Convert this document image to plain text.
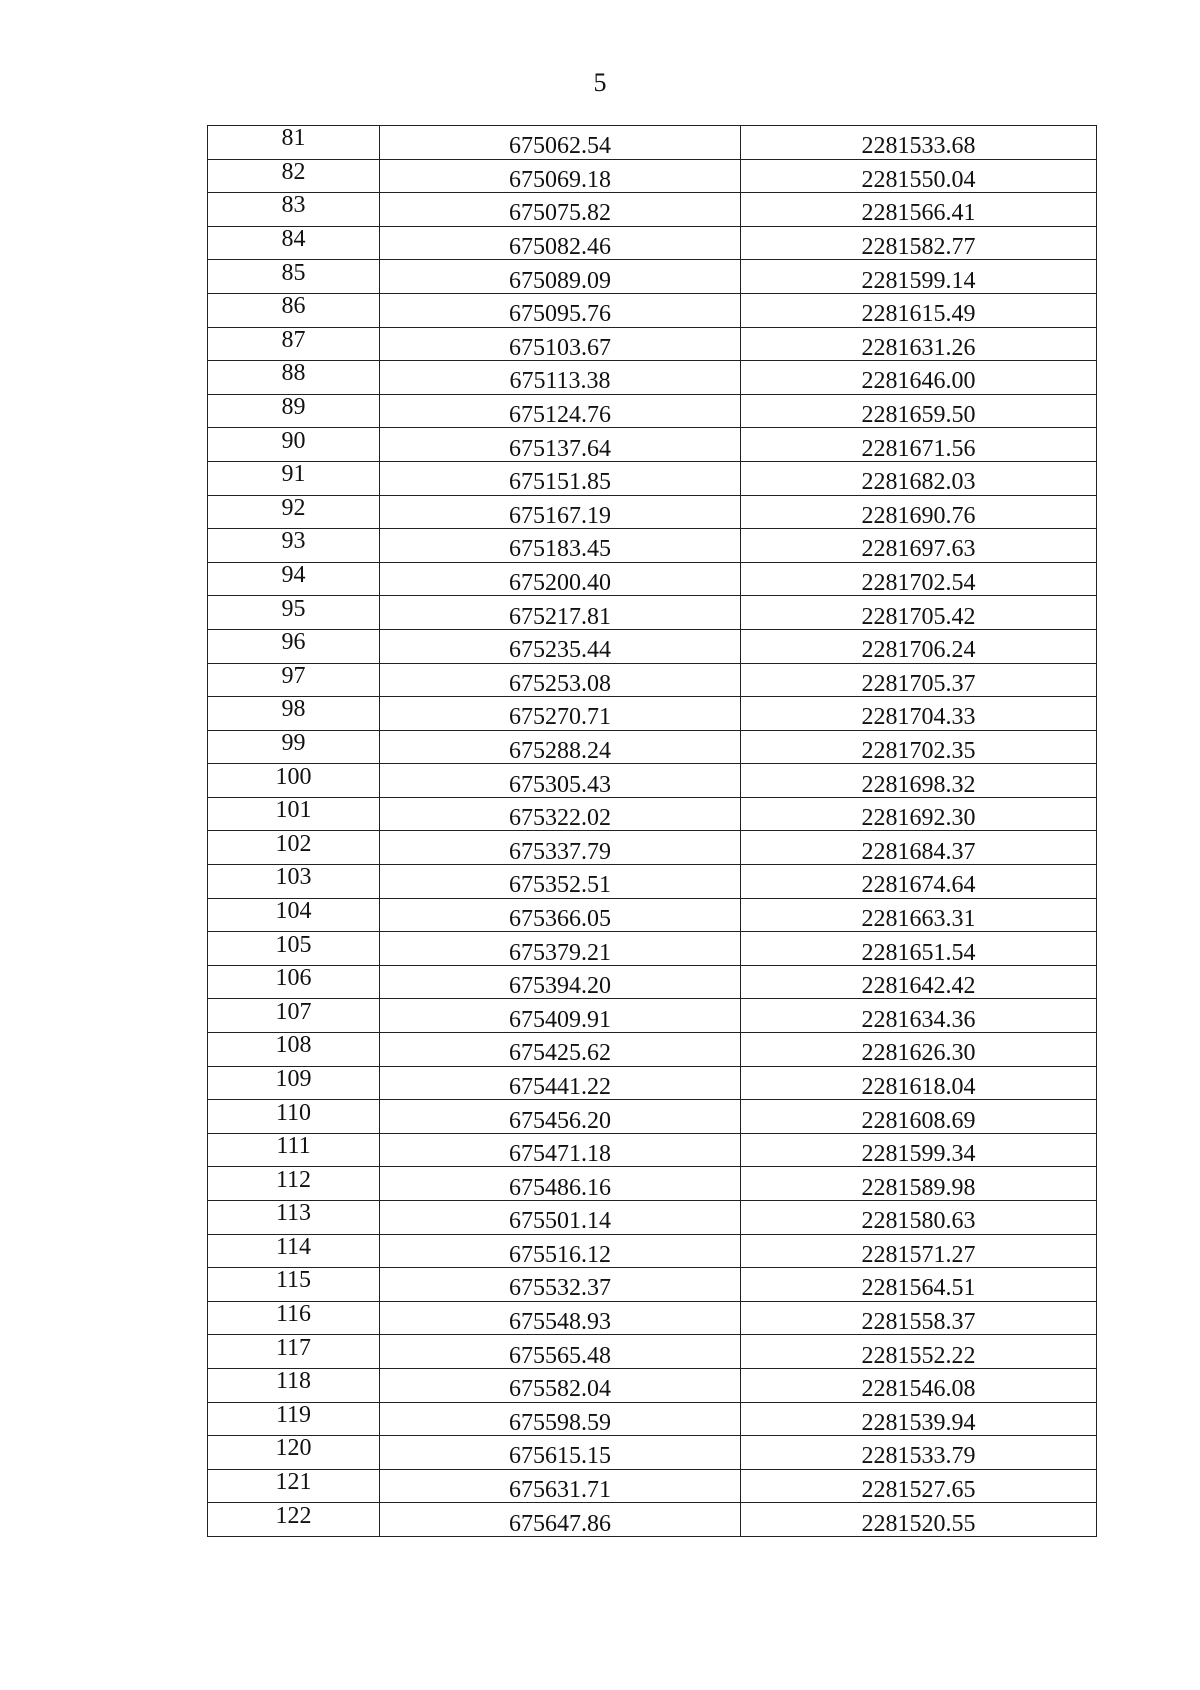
5
81	675062.54	2281533.68
82	675069.18	2281550.04
83	675075.82	2281566.41
84	675082.46	2281582.77
85	675089.09	2281599.14
86	675095.76	2281615.49
87	675103.67	2281631.26
88	675113.38	2281646.00
89	675124.76	2281659.50
90	675137.64	2281671.56
91	675151.85	2281682.03
92	675167.19	2281690.76
93	675183.45	2281697.63
94	675200.40	2281702.54
95	675217.81	2281705.42
96	675235.44	2281706.24
97	675253.08	2281705.37
98	675270.71	2281704.33
99	675288.24	2281702.35
100	675305.43	2281698.32
101	675322.02	2281692.30
102	675337.79	2281684.37
103	675352.51	2281674.64
104	675366.05	2281663.31
105	675379.21	2281651.54
106	675394.20	2281642.42
107	675409.91	2281634.36
108	675425.62	2281626.30
109	675441.22	2281618.04
110	675456.20	2281608.69
111	675471.18	2281599.34
112	675486.16	2281589.98
113	675501.14	2281580.63
114	675516.12	2281571.27
115	675532.37	2281564.51
116	675548.93	2281558.37
117	675565.48	2281552.22
118	675582.04	2281546.08
119	675598.59	2281539.94
120	675615.15	2281533.79
121	675631.71	2281527.65
122	675647.86	2281520.55
